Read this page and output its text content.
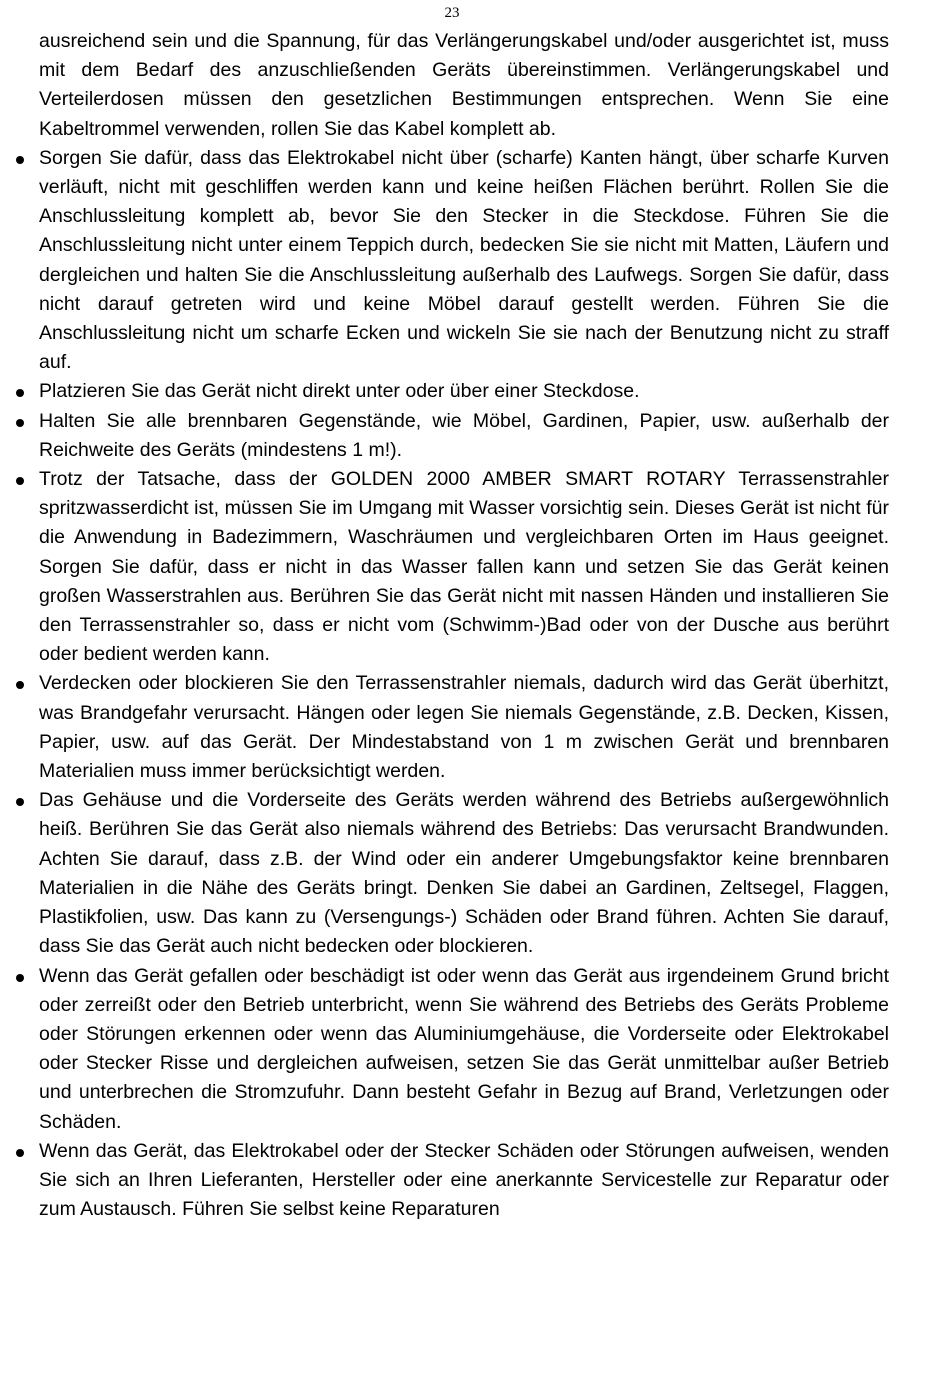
23

ausreichend sein und die Spannung, für das Verlängerungskabel und/oder ausgerichtet ist, muss mit dem Bedarf des anzuschließenden Geräts übereinstimmen. Verlängerungskabel und Verteilerdosen müssen den gesetzlichen Bestimmungen entsprechen. Wenn Sie eine Kabeltrommel verwenden, rollen Sie das Kabel komplett ab.

Sorgen Sie dafür, dass das Elektrokabel nicht über (scharfe) Kanten hängt, über scharfe Kurven verläuft, nicht mit geschliffen werden kann und keine heißen Flächen berührt. Rollen Sie die Anschlussleitung komplett ab, bevor Sie den Stecker in die Steckdose. Führen Sie die Anschlussleitung nicht unter einem Teppich durch, bedecken Sie sie nicht mit Matten, Läufern und dergleichen und halten Sie die Anschlussleitung außerhalb des Laufwegs. Sorgen Sie dafür, dass nicht darauf getreten wird und keine Möbel darauf gestellt werden. Führen Sie die Anschlussleitung nicht um scharfe Ecken und wickeln Sie sie nach der Benutzung nicht zu straff auf.
Platzieren Sie das Gerät nicht direkt unter oder über einer Steckdose.
Halten Sie alle brennbaren Gegenstände, wie Möbel, Gardinen, Papier, usw. außerhalb der Reichweite des Geräts (mindestens 1 m!).
Trotz der Tatsache, dass der GOLDEN 2000 AMBER SMART ROTARY Terrassenstrahler spritzwasserdicht ist, müssen Sie im Umgang mit Wasser vorsichtig sein. Dieses Gerät ist nicht für die Anwendung in Badezimmern, Waschräumen und vergleichbaren Orten im Haus geeignet. Sorgen Sie dafür, dass er nicht in das Wasser fallen kann und setzen Sie das Gerät keinen großen Wasserstrahlen aus. Berühren Sie das Gerät nicht mit nassen Händen und installieren Sie den Terrassenstrahler so, dass er nicht vom (Schwimm-)Bad oder von der Dusche aus berührt oder bedient werden kann.
Verdecken oder blockieren Sie den Terrassenstrahler niemals, dadurch wird das Gerät überhitzt, was Brandgefahr verursacht. Hängen oder legen Sie niemals Gegenstände, z.B. Decken, Kissen, Papier, usw. auf das Gerät. Der Mindestabstand von 1 m zwischen Gerät und brennbaren Materialien muss immer berücksichtigt werden.
Das Gehäuse und die Vorderseite des Geräts werden während des Betriebs außergewöhnlich heiß. Berühren Sie das Gerät also niemals während des Betriebs: Das verursacht Brandwunden. Achten Sie darauf, dass z.B. der Wind oder ein anderer Umgebungsfaktor keine brennbaren Materialien in die Nähe des Geräts bringt. Denken Sie dabei an Gardinen, Zeltsegel, Flaggen, Plastikfolien, usw. Das kann zu (Versengungs-) Schäden oder Brand führen. Achten Sie darauf, dass Sie das Gerät auch nicht bedecken oder blockieren.
Wenn das Gerät gefallen oder beschädigt ist oder wenn das Gerät aus irgendeinem Grund bricht oder zerreißt oder den Betrieb unterbricht, wenn Sie während des Betriebs des Geräts Probleme oder Störungen erkennen oder wenn das Aluminiumgehäuse, die Vorderseite oder Elektrokabel oder Stecker Risse und dergleichen aufweisen, setzen Sie das Gerät unmittelbar außer Betrieb und unterbrechen die Stromzufuhr. Dann besteht Gefahr in Bezug auf Brand, Verletzungen oder Schäden.
Wenn das Gerät, das Elektrokabel oder der Stecker Schäden oder Störungen aufweisen, wenden Sie sich an Ihren Lieferanten, Hersteller oder eine anerkannte Servicestelle zur Reparatur oder zum Austausch. Führen Sie selbst keine Reparaturen
